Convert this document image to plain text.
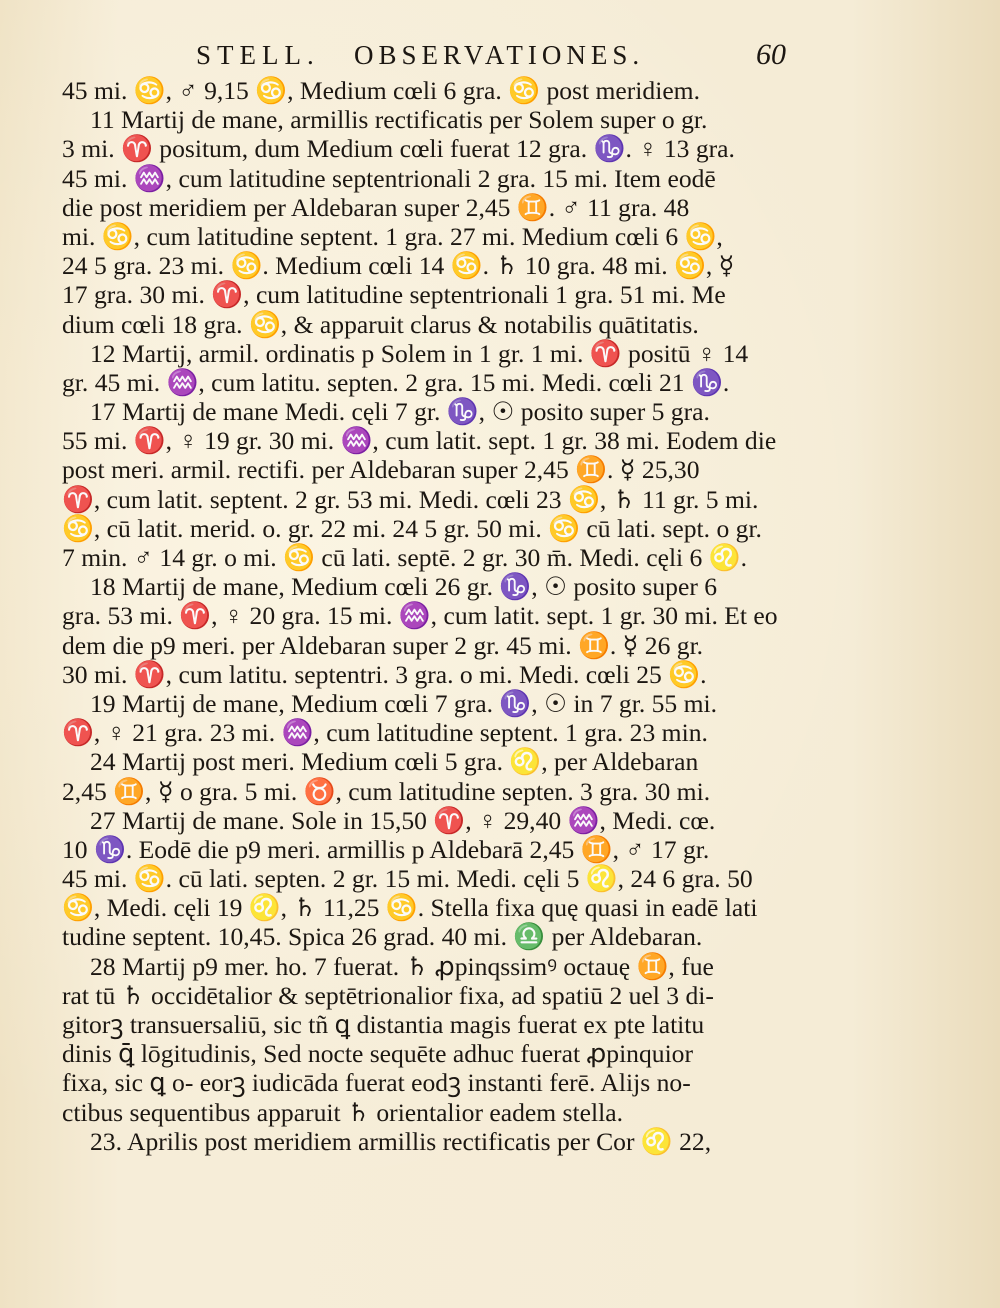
STELL. OBSERVATIONES.	60
45 mi. ♋, ♂ 9,15 ♋, Medium cœli 6 gra. ♋ post meridiem.
11 Martij de mane, armillis rectificatis per Solem super o gr.
3 mi. ♈ positum, dum Medium cœli fuerat 12 gra. ♑. ♀ 13 gra.
45 mi. ♒, cum latitudine septentrionali 2 gra. 15 mi. Item eodē
die post meridiem per Aldebaran super 2,45 ♊. ♂ 11 gra. 48
mi. ♋, cum latitudine septent. 1 gra. 27 mi. Medium cœli 6 ♋,
24 5 gra. 23 mi. ♋. Medium cœli 14 ♋. ♄ 10 gra. 48 mi. ♋, ☿
17 gra. 30 mi. ♈, cum latitudine septentrionali 1 gra. 51 mi. Me
dium cœli 18 gra. ♋, & apparuit clarus & notabilis quātitatis.
12 Martij, armil. ordinatis p Solem in 1 gr. 1 mi. ♈ positū ♀ 14
gr. 45 mi. ♒, cum latitu. septen. 2 gra. 15 mi. Medi. cœli 21 ♑.
17 Martij de mane Medi. cęli 7 gr. ♑, ☉ posito super 5 gra.
55 mi. ♈, ♀ 19 gr. 30 mi. ♒, cum latit. sept. 1 gr. 38 mi. Eodem die
post meri. armil. rectifi. per Aldebaran super 2,45 ♊. ☿ 25,30
♈, cum latit. septent. 2 gr. 53 mi. Medi. cœli 23 ♋, ♄ 11 gr. 5 mi.
♋, cū latit. merid. o. gr. 22 mi. 24 5 gr. 50 mi. ♋ cū lati. sept. o gr.
7 min. ♂ 14 gr. o mi. ♋ cū lati. septē. 2 gr. 30 m̄. Medi. cęli 6 ♌.
18 Martij de mane, Medium cœli 26 gr. ♑, ☉ posito super 6
gra. 53 mi. ♈, ♀ 20 gra. 15 mi. ♒, cum latit. sept. 1 gr. 30 mi. Et eo
dem die p9 meri. per Aldebaran super 2 gr. 45 mi. ♊. ☿ 26 gr.
30 mi. ♈, cum latitu. septentri. 3 gra. o mi. Medi. cœli 25 ♋.
19 Martij de mane, Medium cœli 7 gra. ♑, ☉ in 7 gr. 55 mi.
♈, ♀ 21 gra. 23 mi. ♒, cum latitudine septent. 1 gra. 23 min.
24 Martij post meri. Medium cœli 5 gra. ♌, per Aldebaran
2,45 ♊, ☿ o gra. 5 mi. ♉, cum latitudine septen. 3 gra. 30 mi.
27 Martij de mane. Sole in 15,50 ♈, ♀ 29,40 ♒, Medi. cœ.
10 ♑. Eodē die p9 meri. armillis p Aldebarā 2,45 ♊, ♂ 17 gr.
45 mi. ♋. cū lati. septen. 2 gr. 15 mi. Medi. cęli 5 ♌, 24 6 gra. 50
♋, Medi. cęli 19 ♌, ♄ 11,25 ♋. Stella fixa quę quasi in eadē lati
tudine septent. 10,45. Spica 26 grad. 40 mi. ♎ per Aldebaran.
28 Martij p9 mer. ho. 7 fuerat. ♄ ꝓpinqssimꝰ octauę ♊, fue
rat tū ♄ occidētalior & septētrionalior fixa, ad spatiū 2 uel 3 di-
gitorꝫ transuersaliū, sic tñ ꝗ distantia magis fuerat ex pte latitu
dinis ꝗ̄ lōgitudinis, Sed nocte sequēte adhuc fuerat ꝓpinquior
fixa, sic ꝗ o- eorꝫ iudicāda fuerat eodꝫ instanti ferē. Alijs no-
ctibus sequentibus apparuit ♄ orientalior eadem stella.
23. Aprilis post meridiem armillis rectificatis per Cor ♌ 22,
